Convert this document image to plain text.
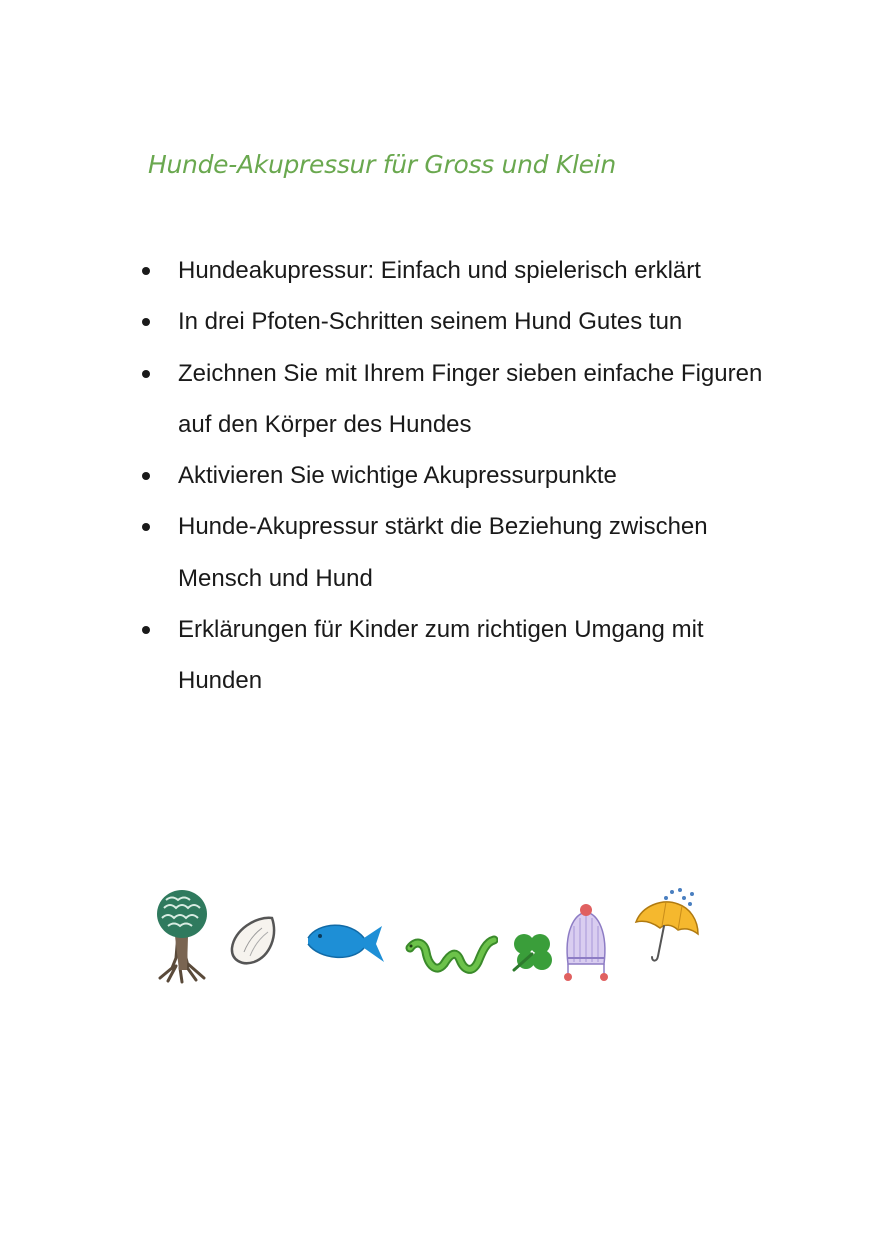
Hunde-Akupressur für Gross und Klein
Hundeakupressur: Einfach und spielerisch erklärt
In drei Pfoten-Schritten seinem Hund Gutes tun
Zeichnen Sie mit Ihrem Finger sieben einfache Figuren auf den Körper des Hundes
Aktivieren Sie wichtige Akupressurpunkte
Hunde-Akupressur stärkt die Beziehung zwischen Mensch und Hund
Erklärungen für Kinder zum richtigen Umgang mit Hunden
